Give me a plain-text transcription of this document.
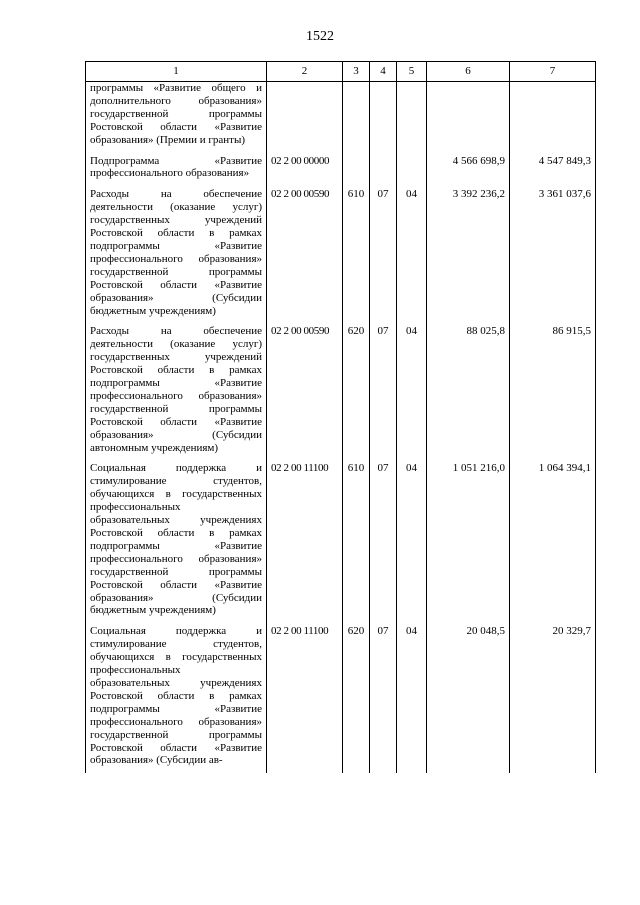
1522
1	2	3	4	5	6	7
программы «Развитие общего и дополнительного образования» государственной программы Ростовской области «Развитие образования» (Премии и гранты)						
Подпрограмма «Развитие профессионального образования»	02 2 00 00000				4 566 698,9	4 547 849,3
Расходы на обеспечение деятельности (оказание услуг) государственных учреждений Ростовской области в рамках подпрограммы «Развитие профессионального образования» государственной программы Ростовской области «Развитие образования» (Субсидии бюджетным учреждениям)	02 2 00 00590	610	07	04	3 392 236,2	3 361 037,6
Расходы на обеспечение деятельности (оказание услуг) государственных учреждений Ростовской области в рамках подпрограммы «Развитие профессионального образования» государственной программы Ростовской области «Развитие образования» (Субсидии автономным учреждениям)	02 2 00 00590	620	07	04	88 025,8	86 915,5
Социальная поддержка и стимулирование студентов, обучающихся в государственных профессиональных образовательных учреждениях Ростовской области в рамках подпрограммы «Развитие профессионального образования» государственной программы Ростовской области «Развитие образования» (Субсидии бюджетным учреждениям)	02 2 00 11100	610	07	04	1 051 216,0	1 064 394,1
Социальная поддержка и стимулирование студентов, обучающихся в государственных профессиональных образовательных учреждениях Ростовской области в рамках подпрограммы «Развитие профессионального образования» государственной программы Ростовской области «Развитие образования» (Субсидии ав-	02 2 00 11100	620	07	04	20 048,5	20 329,7
